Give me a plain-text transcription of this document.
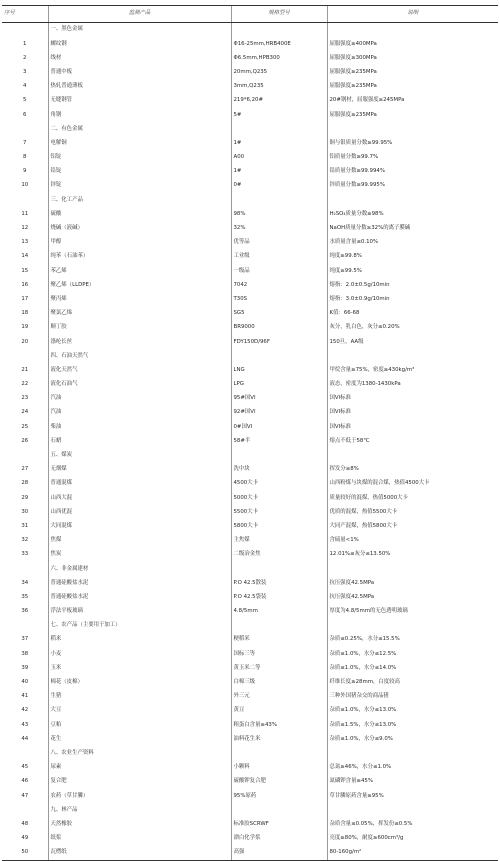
序号	监测产品	规格型号	说明
	一、黑色金属		
1	螺纹钢	Φ16-25mm,HRB400E	屈服强度≥400MPa
2	线材	Φ6.5mm,HPB300	屈服强度≥300MPa
3	普通中板	20mm,Q235	屈服强度≥235MPa
4	热轧普通薄板	3mm,Q235	屈服强度≥235MPa
5	无缝钢管	219*6,20#	20#钢材，屈服强度≥245MPa
6	角钢	5#	屈服强度≥235MPa
	二、有色金属		
7	电解铜	1#	铜与银质量分数≥99.95%
8	铝锭	A00	铝质量分数≥99.7%
9	铅锭	1#	铅质量分数≥99.994%
10	锌锭	0#	锌质量分数≥99.995%
	三、化工产品		
11	硫酸	98%	H₂SO₄质量分数≥98%
12	烧碱（液碱）	32%	NaOH质量分数≥32%的离子膜碱
13	甲醇	优等品	水质量含量≤0.10%
14	纯苯（石油苯）	工业级	纯度≥99.8%
15	苯乙烯	一级品	纯度≥99.5%
16	聚乙烯（LLDPE）	7042	熔指：2.0±0.5g/10min
17	聚丙烯	T30S	熔指：3.0±0.9g/10min
18	聚氯乙烯	SG5	K值：66-68
19	顺丁胶	BR9000	灰分，乳白色，灰分≤0.20%
20	涤纶长丝	FDY150D/96F	150旦，AA级
	四、石油天然气		
21	液化天然气	LNG	甲烷含量≥75%，密度≥430kg/m³
22	液化石油气	LPG	液态，密度为1380-1430kPa
23	汽油	95#国VI	国VI标准
24	汽油	92#国VI	国VI标准
25	柴油	0#国VI	国VI标准
26	石蜡	58#半	熔点不低于58℃
	五、煤炭		
27	无烟煤	洗中块	挥发分≤8%
28	普通混煤	4500大卡	山西粉煤与块煤的混合煤，热值4500大卡
29	山西大混	5000大卡	质量较好的混煤，热值5000大卡
30	山西优混	5500大卡	优质的混煤，热值5500大卡
31	大同混煤	5800大卡	大同产混煤，热值5800大卡
32	焦煤	主焦煤	含硫量<1%
33	焦炭	二级冶金焦	12.01%≤灰分≤13.50%
	六、非金属建材		
34	普通硅酸盐水泥	P.O 42.5散装	抗压强度42.5MPa
35	普通硅酸盐水泥	P.O 42.5袋装	抗压强度42.5MPa
36	浮法平板玻璃	4.8/5mm	厚度为4.8/5mm的无色透明玻璃
	七、农产品（主要用于加工）		
37	稻米	粳稻米	杂质≤0.25%，水分≤15.5%
38	小麦	国标三等	杂质≤1.0%，水分≤12.5%
39	玉米	黄玉米二等	杂质≤1.0%，水分≤14.0%
40	棉花（皮棉）	白棉三级	纤维长度≥28mm，白度较高
41	生猪	外三元	三种外国猪杂交的商品猪
42	大豆	黄豆	杂质≤1.0%，水分≤13.0%
43	豆粕	粗蛋白含量≥43%	杂质≤1.5%，水分≤13.0%
44	花生	油料花生米	杂质≤1.0%，水分≤9.0%
	八、农业生产资料		
45	尿素	小颗料	总氮≥46%，水分≤1.0%
46	复合肥	硫酸钾复合肥	氮磷钾含量≥45%
47	农药（草甘膦）	95%原药	草甘膦原药含量≥95%
	九、林产品		
48	天然橡胶	标准胶SCRWF	杂质含量≤0.05%，挥发份≤0.5%
49	纸浆	漂白化学浆	亮度≥80%，耐度≥600cm³/g
50	瓦楞纸	高强	80-160g/m²
